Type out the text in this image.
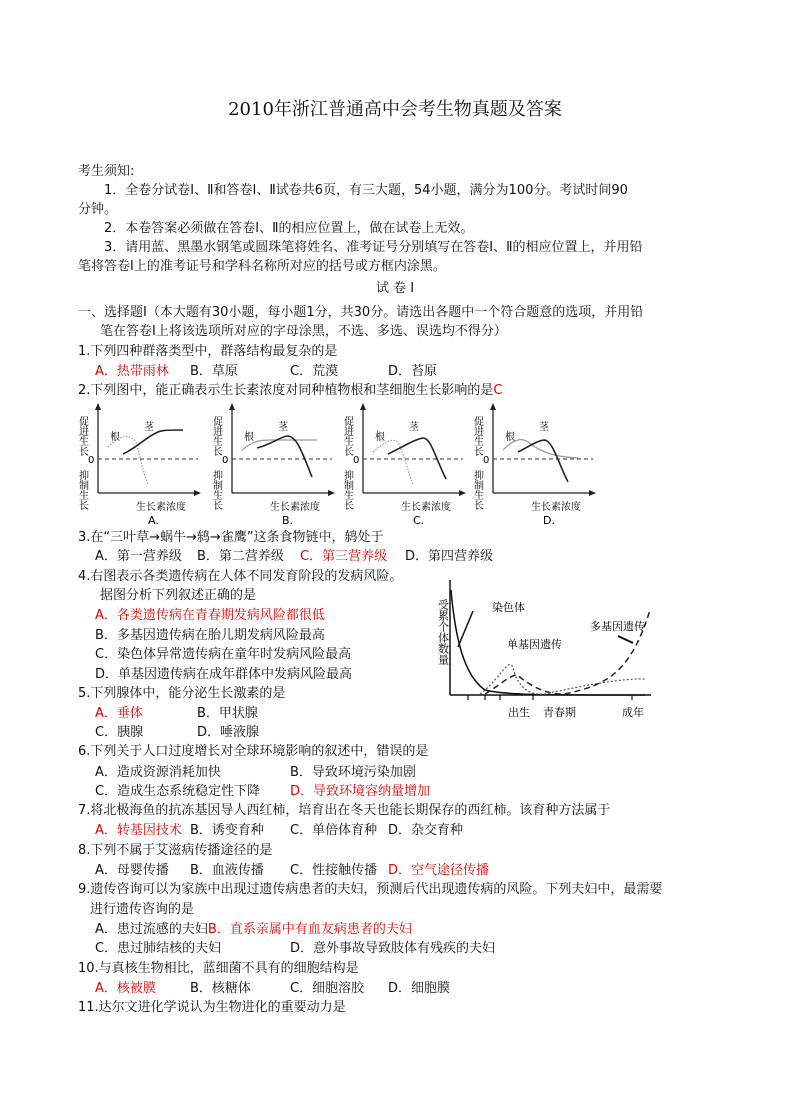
2010年浙江普通高中会考生物真题及答案
考生须知:
1．全卷分试卷Ⅰ、Ⅱ和答卷Ⅰ、Ⅱ试卷共6页，有三大题，54小题，满分为100分。考试时间90
分钟。
2．本卷答案必须做在答卷Ⅰ、Ⅱ的相应位置上，做在试卷上无效。
3．请用蓝、黑墨水钢笔或圆珠笔将姓名、准考证号分别填写在答卷Ⅰ、Ⅱ的相应位置上，并用铅
笔将答卷Ⅰ上的准考证号和学科名称所对应的括号或方框内涂黑。
试 卷 Ⅰ
一、选择题Ⅰ（本大题有30小题，每小题1分，共30分。请选出各题中一个符合题意的选项，并用铅
笔在答卷Ⅰ上将该选项所对应的字母涂黑，不选、多选、误选均不得分）
1.下列四种群落类型中，群落结构最复杂的是
A．热带雨林 B．草原	C．荒漠	D．苔原
2.下列图中，能正确表示生长素浓度对同种植物根和茎细胞生长影响的是C
促进生长
0
抑制生长
根
茎
生长素浓度
A.
促进生长
0
抑制生长
根
茎
生长素浓度
B.
促进生长
0
抑制生长
根
茎
生长素浓度
C.
促进生长
0
抑制生长
根
茎
生长素浓度
D.
3.在“三叶草→蜗牛→鸫→雀鹰”这条食物链中，鸫处于
A．第一营养级 B．第二营养级 C．第三营养级 D．第四营养级
4.右图表示各类遗传病在人体不同发育阶段的发病风险。
据图分析下列叙述正确的是
A．各类遗传病在青春期发病风险都很低
B．多基因遗传病在胎儿期发病风险最高
C．染色体异常遗传病在童年时发病风险最高
D．单基因遗传病在成年群体中发病风险最高
受累个体数量	染色体
单基因遗传
多基因遗传
出生 青春期	成年
5.下列腺体中，能分泌生长激素的是
A．垂体	B．甲状腺
C．胰腺	D．唾液腺
6.下列关于人口过度增长对全球环境影响的叙述中，错误的是
A．造成资源消耗加快	B．导致环境污染加剧
C．造成生态系统稳定性下降 D．导致环境容纳量增加
7.将北极海鱼的抗冻基因导人西红柿，培育出在冬天也能长期保存的西红柿。该育种方法属于
A．转基因技术 B．诱变育种 C．单倍体育种 D．杂交育种
8.下列不属于艾滋病传播途径的是
A．母婴传播 B．血液传播 C．性接触传播 D．空气途径传播
9.遗传咨询可以为家族中出现过遗传病患者的夫妇，预测后代出现遗传病的风险。下列夫妇中，最需要
进行遗传咨询的是
A．患过流感的夫妇B．直系亲属中有血友病患者的夫妇
C．患过肺结核的夫妇	D．意外事故导致肢体有残疾的夫妇
10.与真核生物相比，蓝细菌不具有的细胞结构是
A．核被膜	B．核糖体	C．细胞溶胶 D．细胞膜
11.达尔文进化学说认为生物进化的重要动力是
